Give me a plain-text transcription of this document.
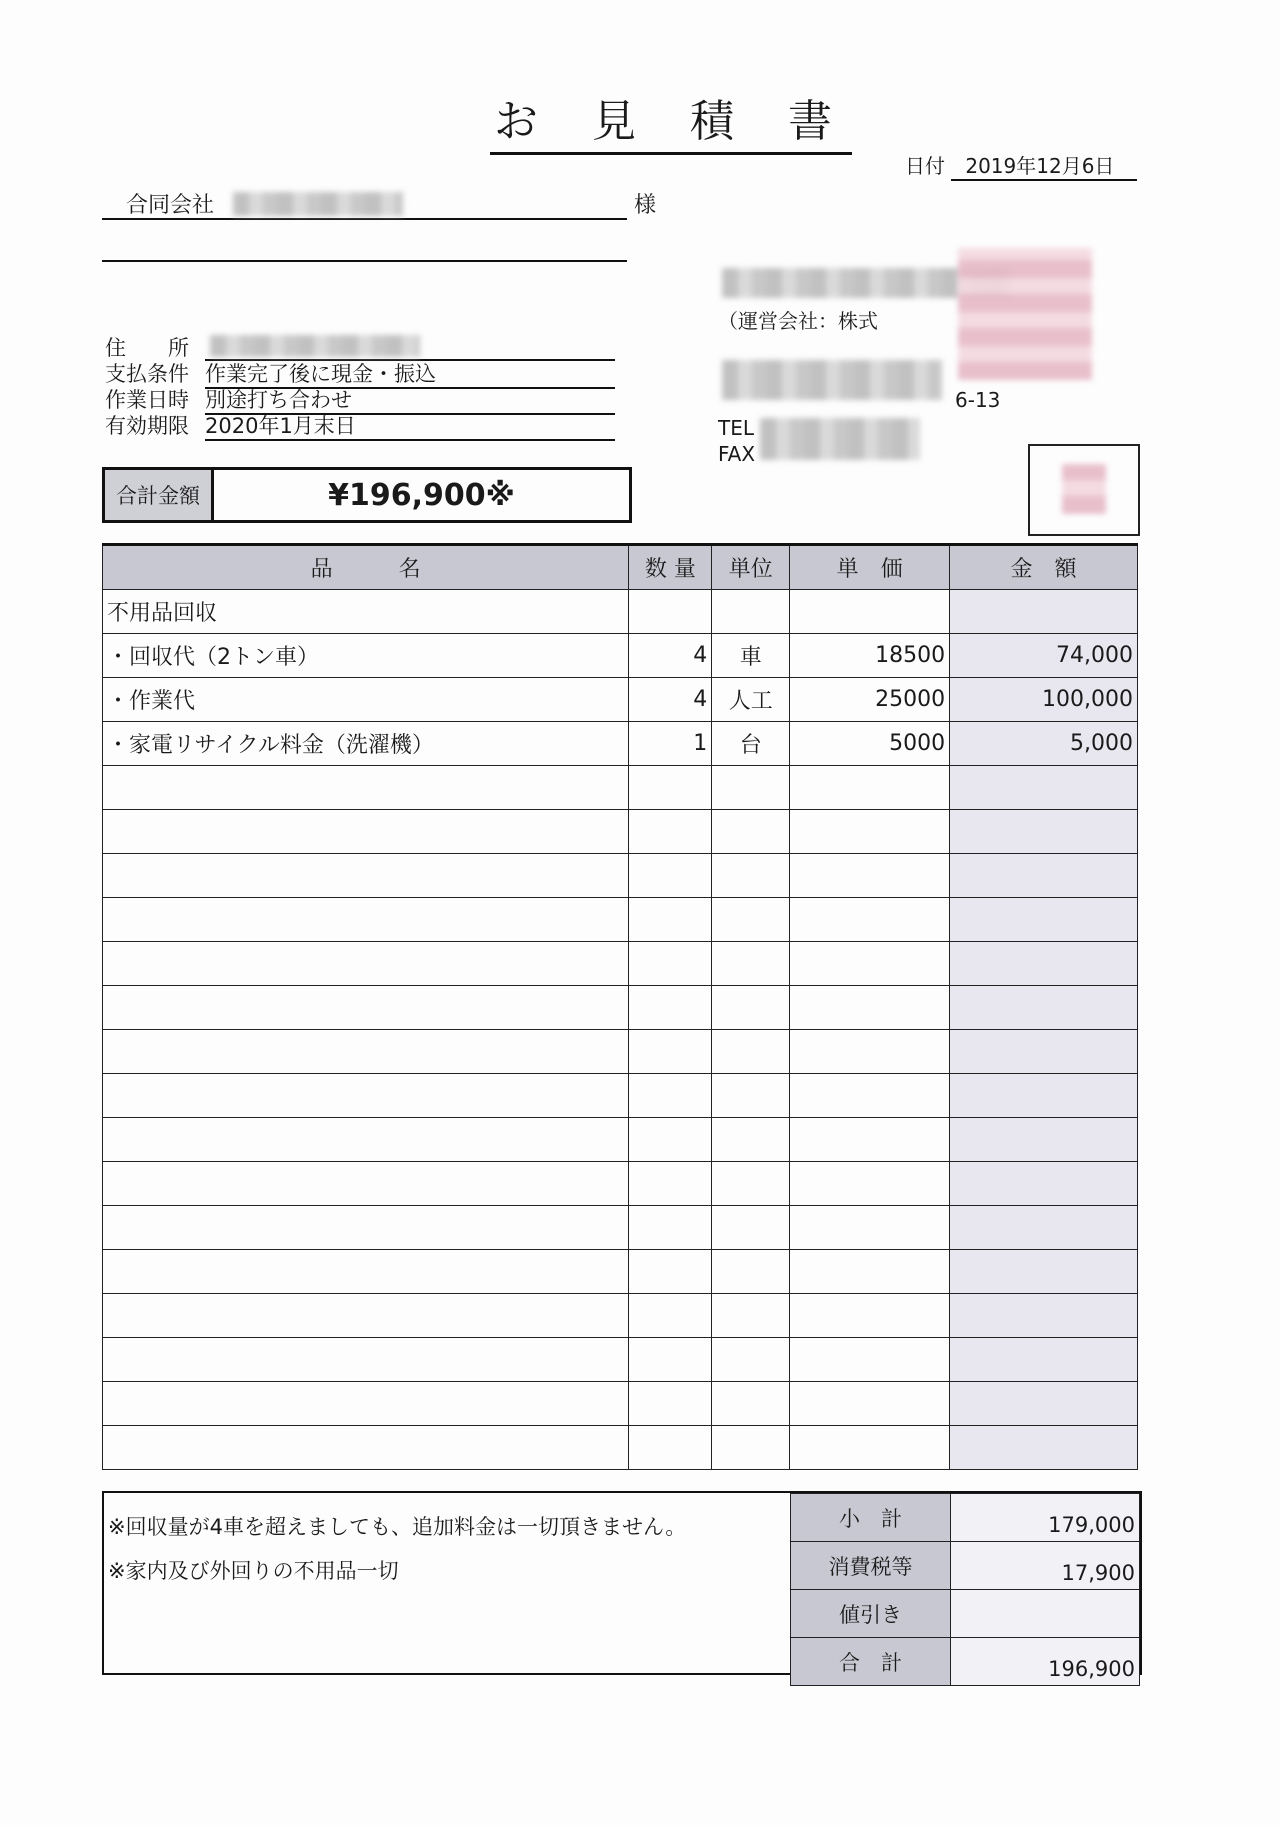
お 見 積 書
日付 2019年12月6日
合同会社	様
住　　所
支払条件 作業完了後に現金・振込
作業日時 別途打ち合わせ
有効期限 2020年1月末日
合計金額	¥196,900※
（運営会社：株式
6-13
TEL
FAX
品　　　名	数 量	単位	単　価	金　額
不用品回収				
・回収代（2トン車）	4	車	18500	74,000
・作業代	4	人工	25000	100,000
・家電リサイクル料金（洗濯機）	1	台	5000	5,000

※回収量が4車を超えましても、追加料金は一切頂きません。
※家内及び外回りの不用品一切
小　計	179,000
消費税等	17,900
値引き	
合　計	196,900
